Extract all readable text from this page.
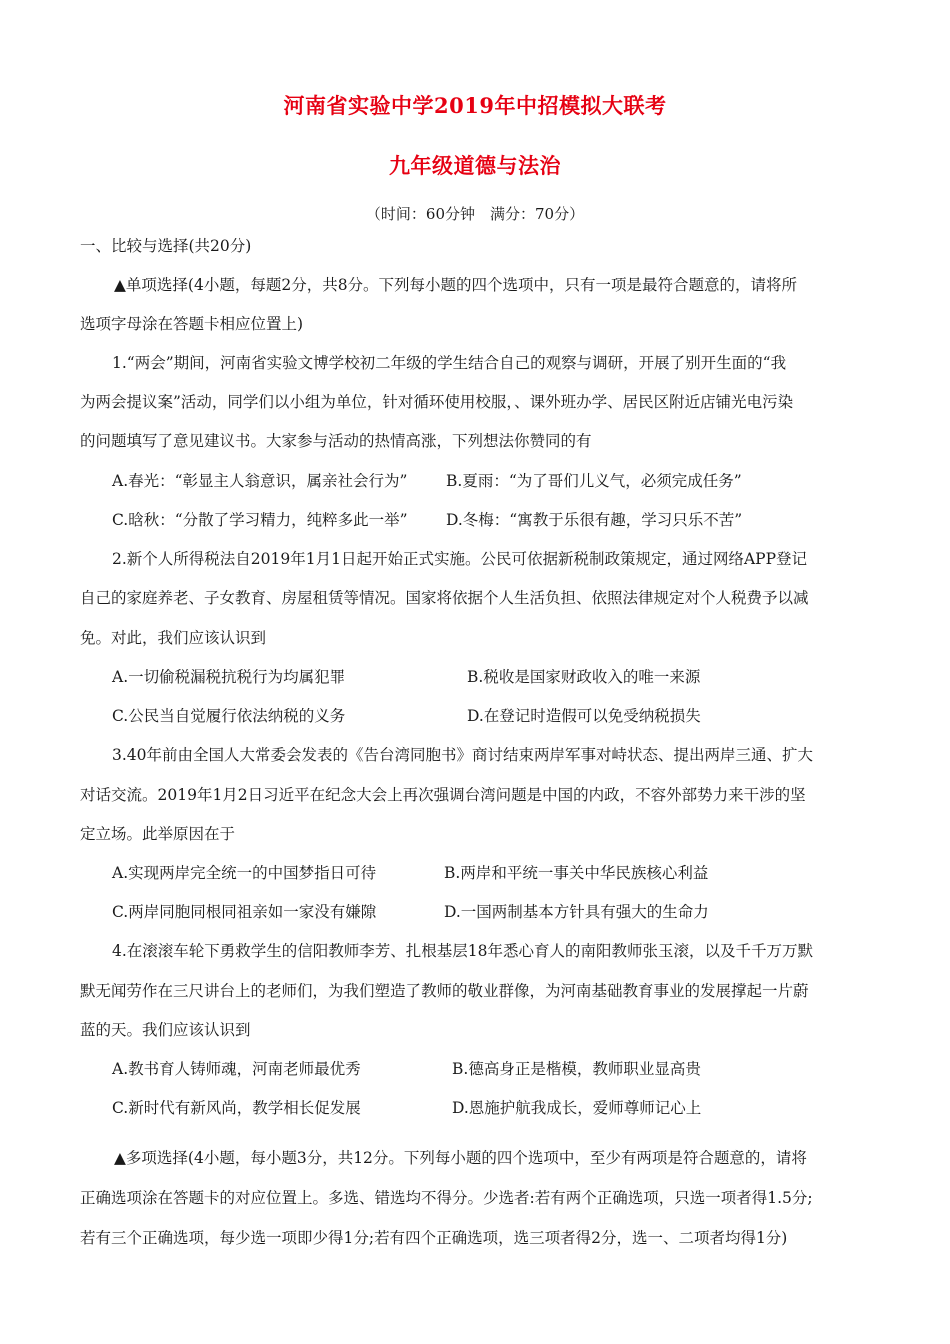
河南省实验中学2019年中招模拟大联考
九年级道德与法治
（时间：60分钟　满分：70分）
一、比较与选择(共20分)
▲单项选择(4小题，每题2分，共8分。下列每小题的四个选项中，只有一项是最符合题意的，请将所
选项字母涂在答题卡相应位置上)
1.“两会”期间，河南省实验文博学校初二年级的学生结合自己的观察与调研，开展了别开生面的“我
为两会提议案”活动，同学们以小组为单位，针对循环使用校服，、课外班办学、居民区附近店铺光电污染
的问题填写了意见建议书。大家参与活动的热情高涨，下列想法你赞同的有
A.春光：“彰显主人翁意识，属亲社会行为” B.夏雨：“为了哥们儿义气，必须完成任务”
C.晗秋：“分散了学习精力，纯粹多此一举” D.冬梅：“寓教于乐很有趣，学习只乐不苦”
2.新个人所得税法自2019年1月1日起开始正式实施。公民可依据新税制政策规定，通过网络APP登记
自己的家庭养老、子女教育、房屋租赁等情况。国家将依据个人生活负担、依照法律规定对个人税费予以减
免。对此，我们应该认识到
A.一切偷税漏税抗税行为均属犯罪	B.税收是国家财政收入的唯一来源
C.公民当自觉履行依法纳税的义务	D.在登记时造假可以免受纳税损失
3.40年前由全国人大常委会发表的《告台湾同胞书》商讨结束两岸军事对峙状态、提出两岸三通、扩大
对话交流。2019年1月2日习近平在纪念大会上再次强调台湾问题是中国的内政，不容外部势力来干涉的坚
定立场。此举原因在于
A.实现两岸完全统一的中国梦指日可待	B.两岸和平统一事关中华民族核心利益
C.两岸同胞同根同祖亲如一家没有嫌隙	D.一国两制基本方针具有强大的生命力
4.在滚滚车轮下勇救学生的信阳教师李芳、扎根基层18年悉心育人的南阳教师张玉滚，以及千千万万默
默无闻劳作在三尺讲台上的老师们，为我们塑造了教师的敬业群像，为河南基础教育事业的发展撑起一片蔚
蓝的天。我们应该认识到
A.教书育人铸师魂，河南老师最优秀	B.德高身正是楷模，教师职业显高贵
C.新时代有新风尚，教学相长促发展	D.恩施护航我成长，爱师尊师记心上
▲多项选择(4小题，每小题3分，共12分。下列每小题的四个选项中，至少有两项是符合题意的，请将
正确选项涂在答题卡的对应位置上。多选、错选均不得分。少选者:若有两个正确选项，只选一项者得1.5分;
若有三个正确选项，每少选一项即少得1分;若有四个正确选项，选三项者得2分，选一、二项者均得1分)
